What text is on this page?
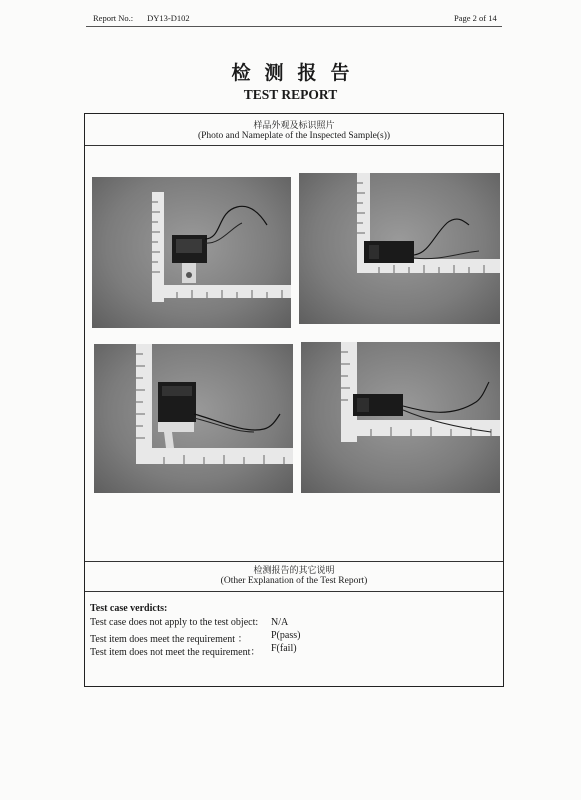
Report No.: DY13-D102	Page 2 of 14
检测报告
TEST REPORT
样品外观及标识照片
(Photo and Nameplate of the Inspected Sample(s))
检测报告的其它说明
(Other Explanation of the Test Report)
Test case verdicts:
Test case does not apply to the test object: N/A
Test item does meet the requirement ： P(pass)
Test item does not meet the requirement： F(fail)
